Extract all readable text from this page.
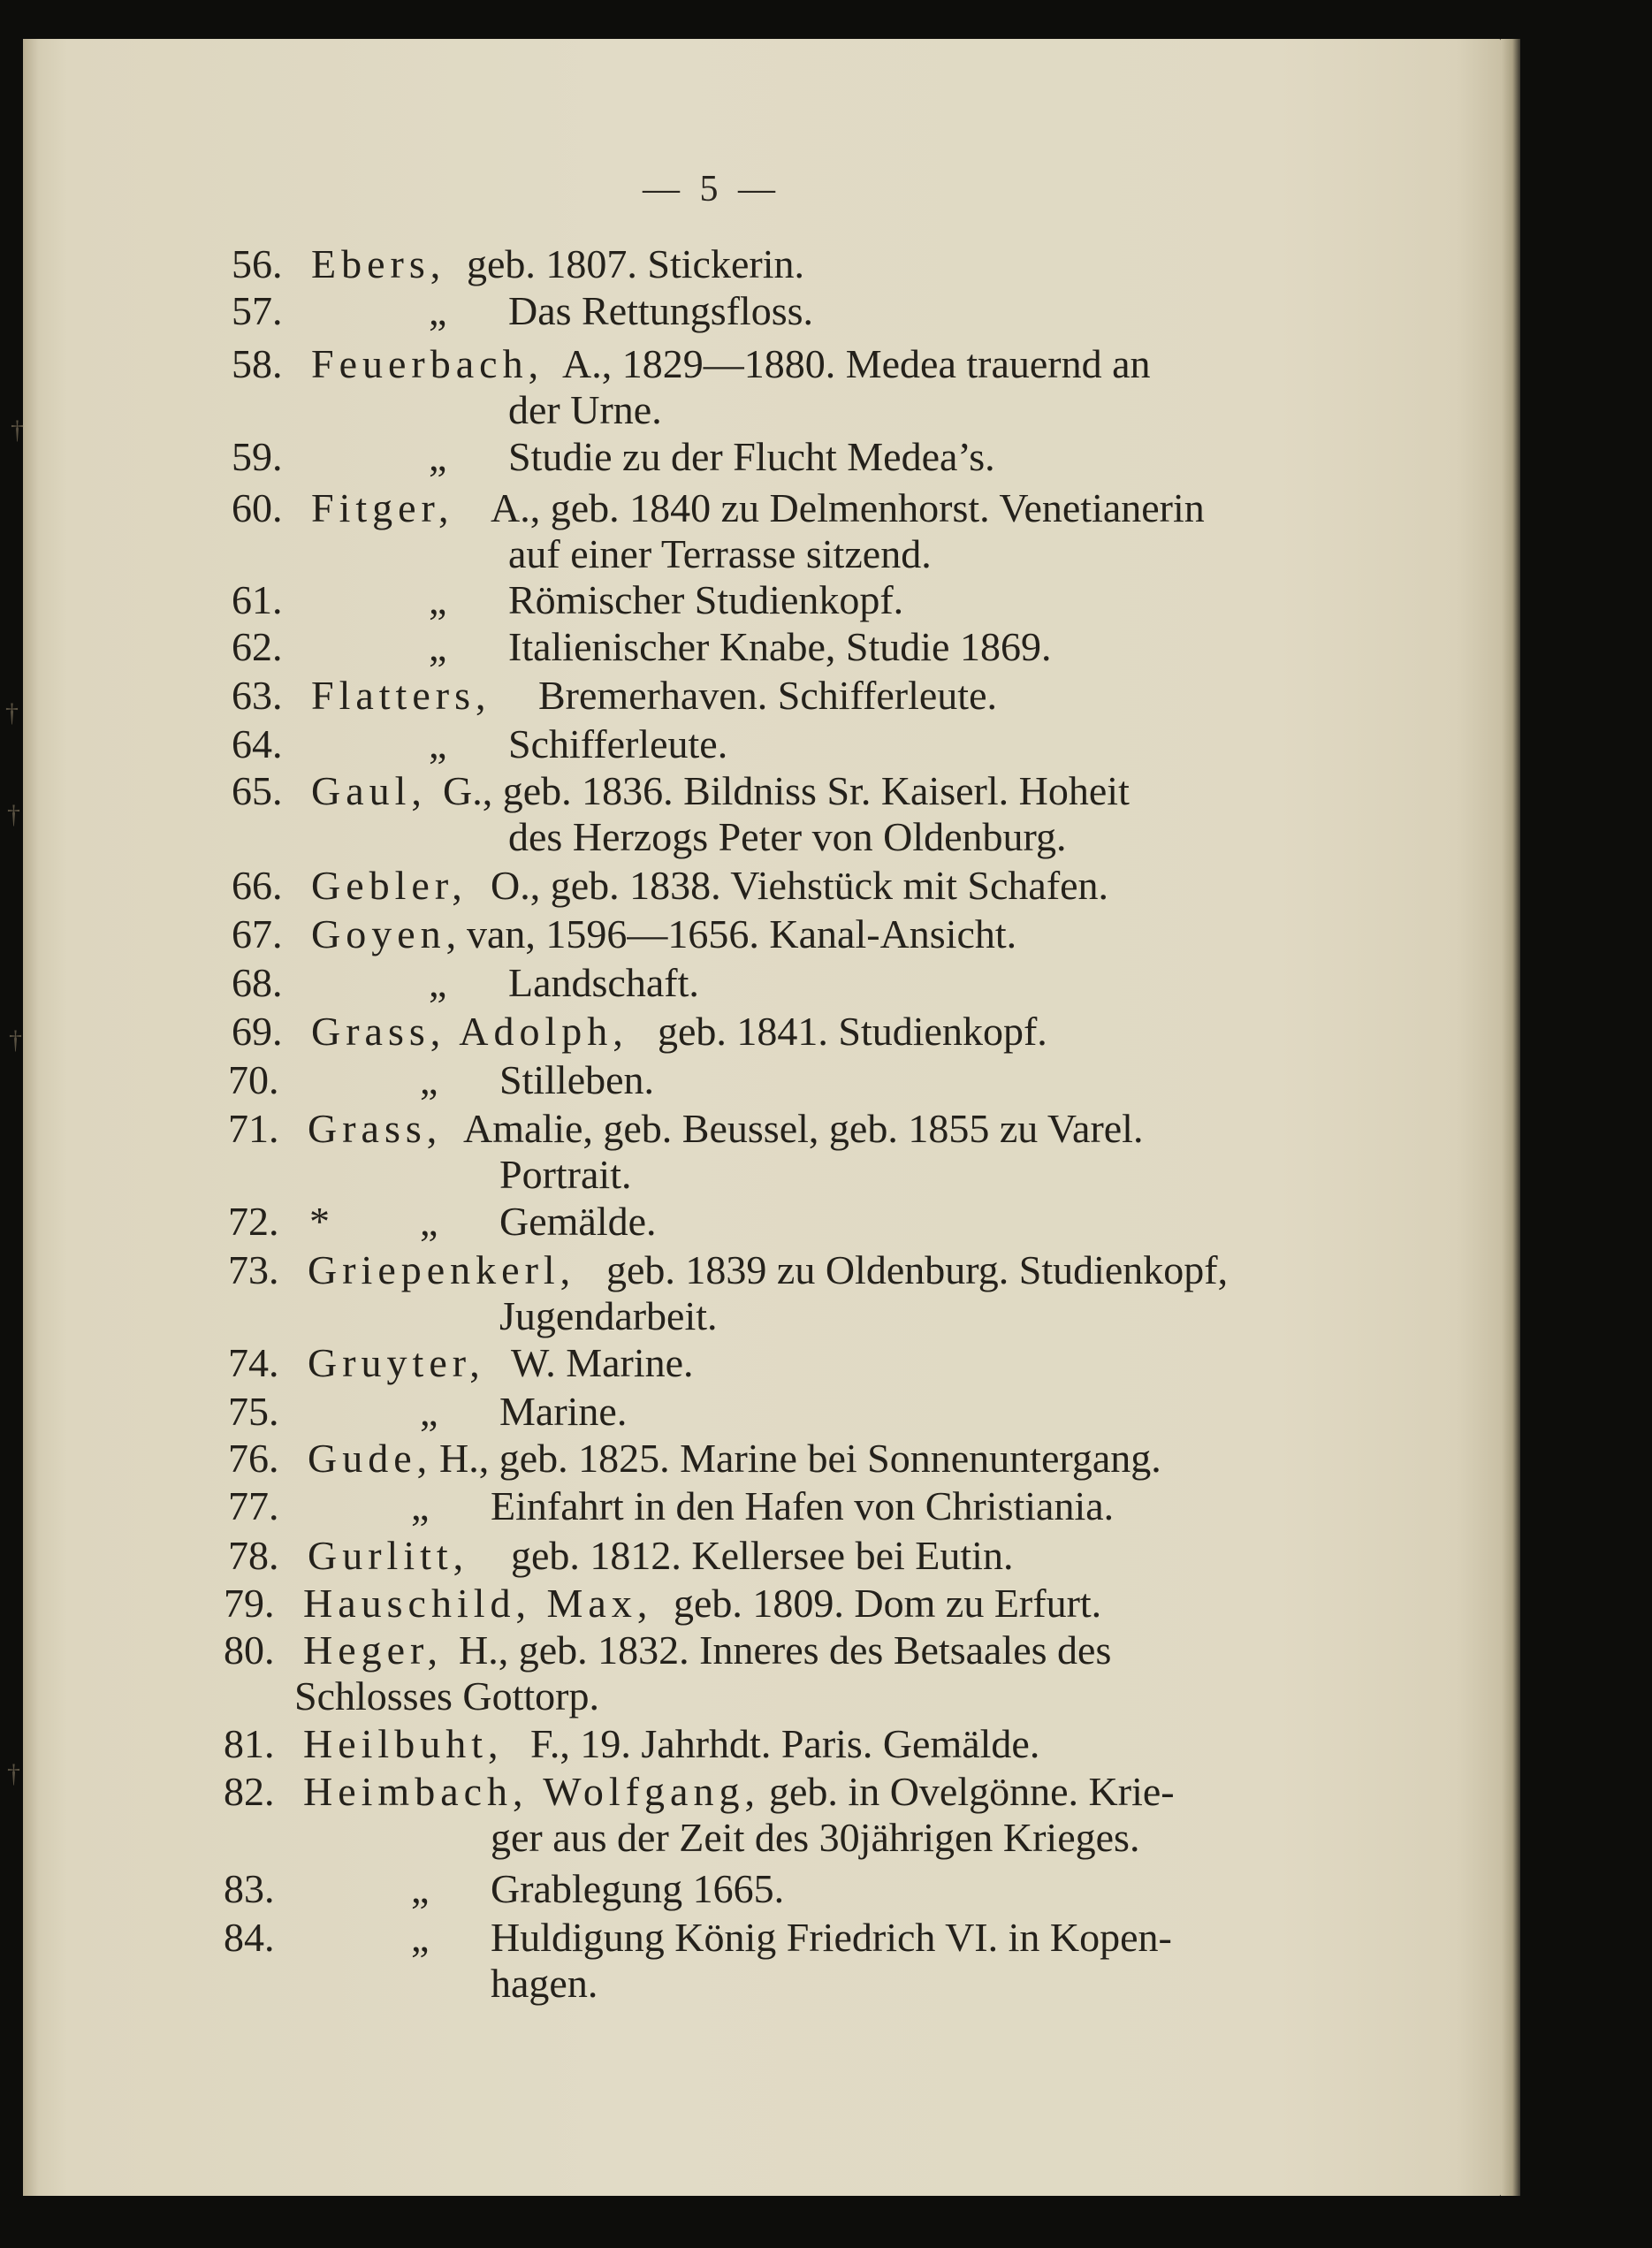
†
†
†
†
†
— 5 —
56. Ebers, geb. 1807. Stickerin.
57.	„ Das Rettungsfloss.
58. Feuerbach, A., 1829—1880. Medea trauernd an
der Urne.
59.	„ Studie zu der Flucht Medea’s.
60. Fitger, A., geb. 1840 zu Delmenhorst. Venetianerin
auf einer Terrasse sitzend.
61.	„ Römischer Studienkopf.
62.	„ Italienischer Knabe, Studie 1869.
63. Flatters, Bremerhaven. Schifferleute.
64.	„ Schifferleute.
65. Gaul, G., geb. 1836. Bildniss Sr. Kaiserl. Hoheit
des Herzogs Peter von Oldenburg.
66. Gebler, O., geb. 1838. Viehstück mit Schafen.
67. Goyen, van, 1596—1656. Kanal-Ansicht.
68.	„ Landschaft.
69. Grass, Adolph, geb. 1841. Studienkopf.
70.	„ Stilleben.
71. Grass, Amalie, geb. Beussel, geb. 1855 zu Varel.
Portrait.
72. * „ Gemälde.
73. Griepenkerl, geb. 1839 zu Oldenburg. Studienkopf,
Jugendarbeit.
74. Gruyter, W. Marine.
75.	„ Marine.
76. Gude, H., geb. 1825. Marine bei Sonnenuntergang.
77.	„ Einfahrt in den Hafen von Christiania.
78. Gurlitt, geb. 1812. Kellersee bei Eutin.
79. Hauschild, Max, geb. 1809. Dom zu Erfurt.
80. Heger, H., geb. 1832. Inneres des Betsaales des
Schlosses Gottorp.
81. Heilbuht, F., 19. Jahrhdt. Paris. Gemälde.
82. Heimbach, Wolfgang, geb. in Ovelgönne. Krie-
ger aus der Zeit des 30jährigen Krieges.
83.	„ Grablegung 1665.
84.	„ Huldigung König Friedrich VI. in Kopen-
hagen.
